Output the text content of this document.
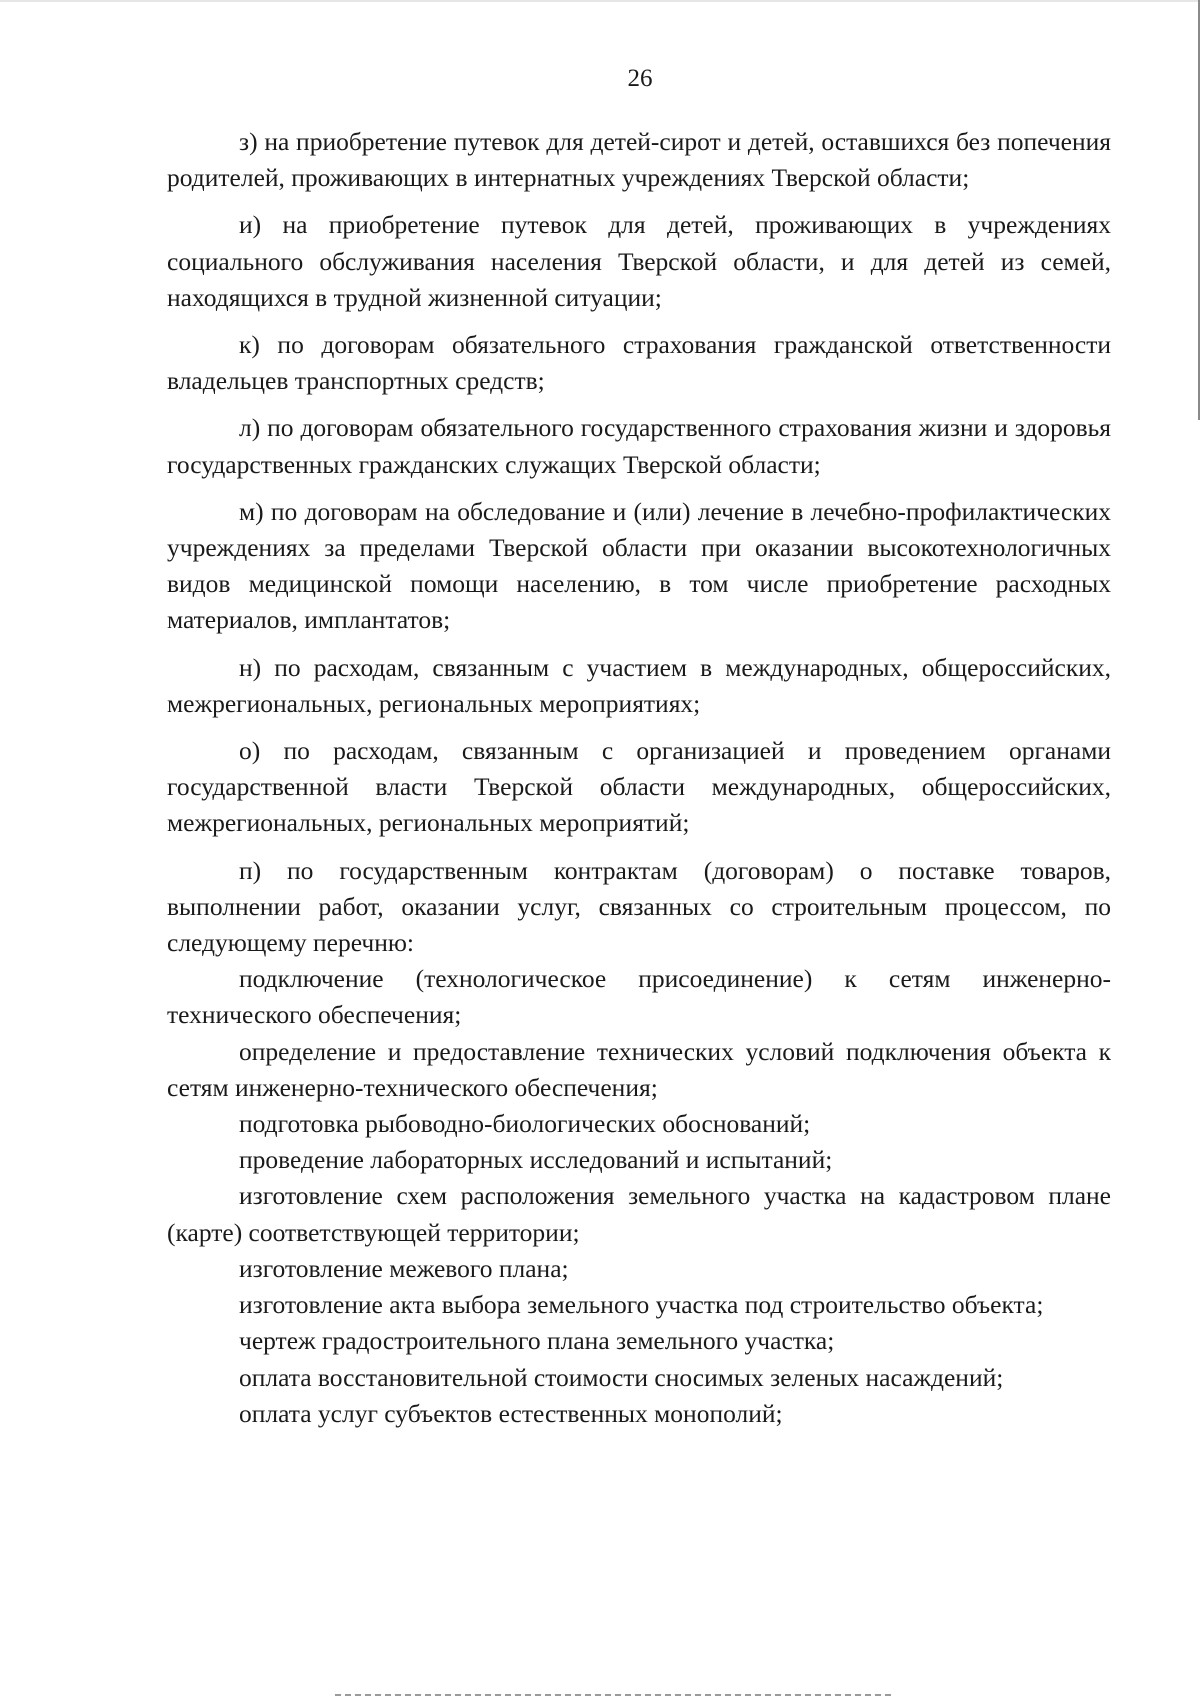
26

з) на приобретение путевок для детей-сирот и детей, оставшихся без попечения родителей, проживающих в интернатных учреждениях Тверской области;

и) на приобретение путевок для детей, проживающих в учреждениях социального обслуживания населения Тверской области, и для детей из семей, находящихся в трудной жизненной ситуации;

к) по договорам обязательного страхования гражданской ответственности владельцев транспортных средств;

л) по договорам обязательного государственного страхования жизни и здоровья государственных гражданских служащих Тверской области;

м) по договорам на обследование и (или) лечение в лечебно-профилактических учреждениях за пределами Тверской области при оказании высокотехнологичных видов медицинской помощи населению, в том числе приобретение расходных материалов, имплантатов;

н) по расходам, связанным с участием в международных, общероссийских, межрегиональных, региональных мероприятиях;

о) по расходам, связанным с организацией и проведением органами государственной власти Тверской области международных, общероссийских, межрегиональных, региональных мероприятий;

п) по государственным контрактам (договорам) о поставке товаров, выполнении работ, оказании услуг, связанных со строительным процессом, по следующему перечню:

подключение (технологическое присоединение) к сетям инженерно-технического обеспечения;

определение и предоставление технических условий подключения объекта к сетям инженерно-технического обеспечения;

подготовка рыбоводно-биологических обоснований;

проведение лабораторных исследований и испытаний;

изготовление схем расположения земельного участка на кадастровом плане (карте) соответствующей территории;

изготовление межевого плана;

изготовление акта выбора земельного участка под строительство объекта;

чертеж градостроительного плана земельного участка;

оплата восстановительной стоимости сносимых зеленых насаждений;

оплата услуг субъектов естественных монополий;
